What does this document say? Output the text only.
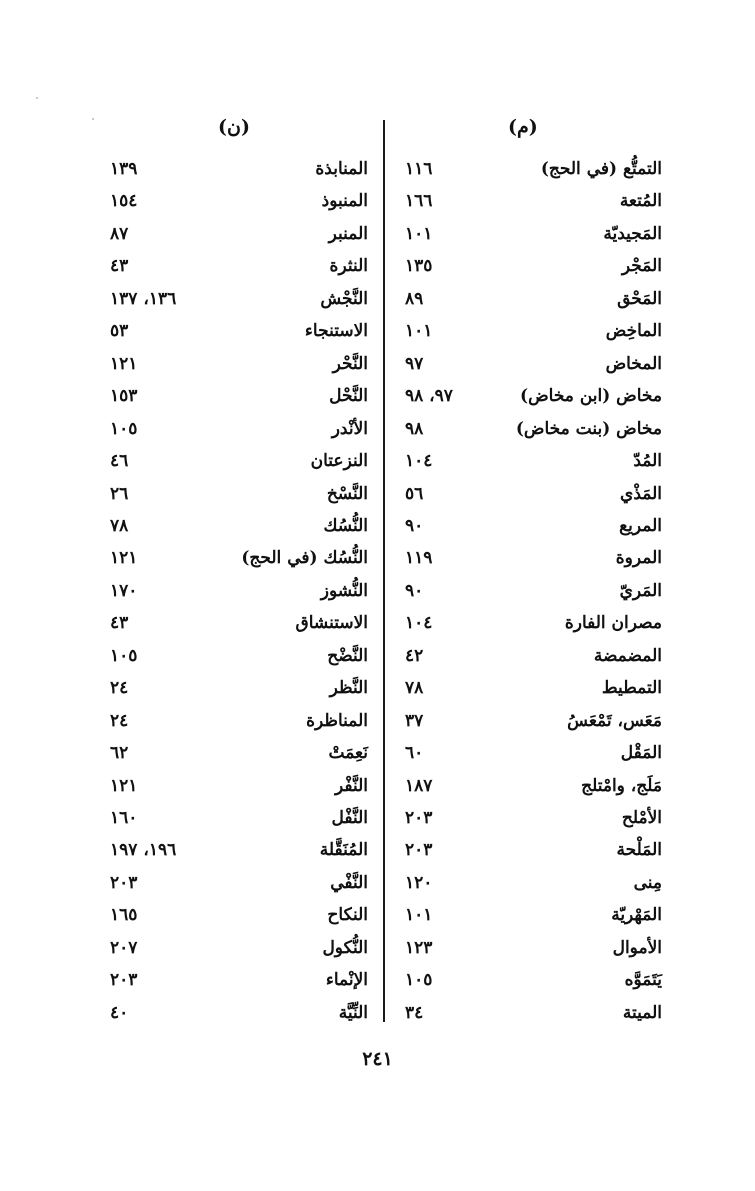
(م)
(ن)
التمتُّع (في الحج)
١١٦
المُتعة
١٦٦
المَجيديّة
١٠١
المَجْر
١٣٥
المَحْق
٨٩
الماخِض
١٠١
المخاض
٩٧
مخاض (ابن مخاض)
٩٧، ٩٨
مخاض (بنت مخاض)
٩٨
المُدّ
١٠٤
المَذْي
٥٦
المريع
٩٠
المروة
١١٩
المَريّ
٩٠
مصران الفارة
١٠٤
المضمضة
٤٢
التمطيط
٧٨
مَعَس، تَمْعَسُ
٣٧
المَقْل
٦٠
مَلَج، وامْتلج
١٨٧
الأمْلح
٢٠٣
المَلْحة
٢٠٣
مِنى
١٢٠
المَهْريّة
١٠١
الأموال
١٢٣
يَتَمَوَّه
١٠٥
الميتة
٣٤
المنابذة
١٣٩
المنبوذ
١٥٤
المنبر
٨٧
النثرة
٤٣
النَّجْش
١٣٦، ١٣٧
الاستنجاء
٥٣
النَّحْر
١٢١
النَّحْل
١٥٣
الأنْدر
١٠٥
النزعتان
٤٦
النَّسْخ
٢٦
النُّسُك
٧٨
النُّسُك (في الحج)
١٢١
النُّشوز
١٧٠
الاستنشاق
٤٣
النَّضْح
١٠٥
النَّظر
٢٤
المناظرة
٢٤
نَعِمَتْ
٦٢
النَّفْر
١٢١
النَّفْل
١٦٠
المُنَقَّلة
١٩٦، ١٩٧
النَّفْي
٢٠٣
النكاح
١٦٥
النُّكول
٢٠٧
الإنْماء
٢٠٣
النِّيَّة
٤٠
٢٤١
